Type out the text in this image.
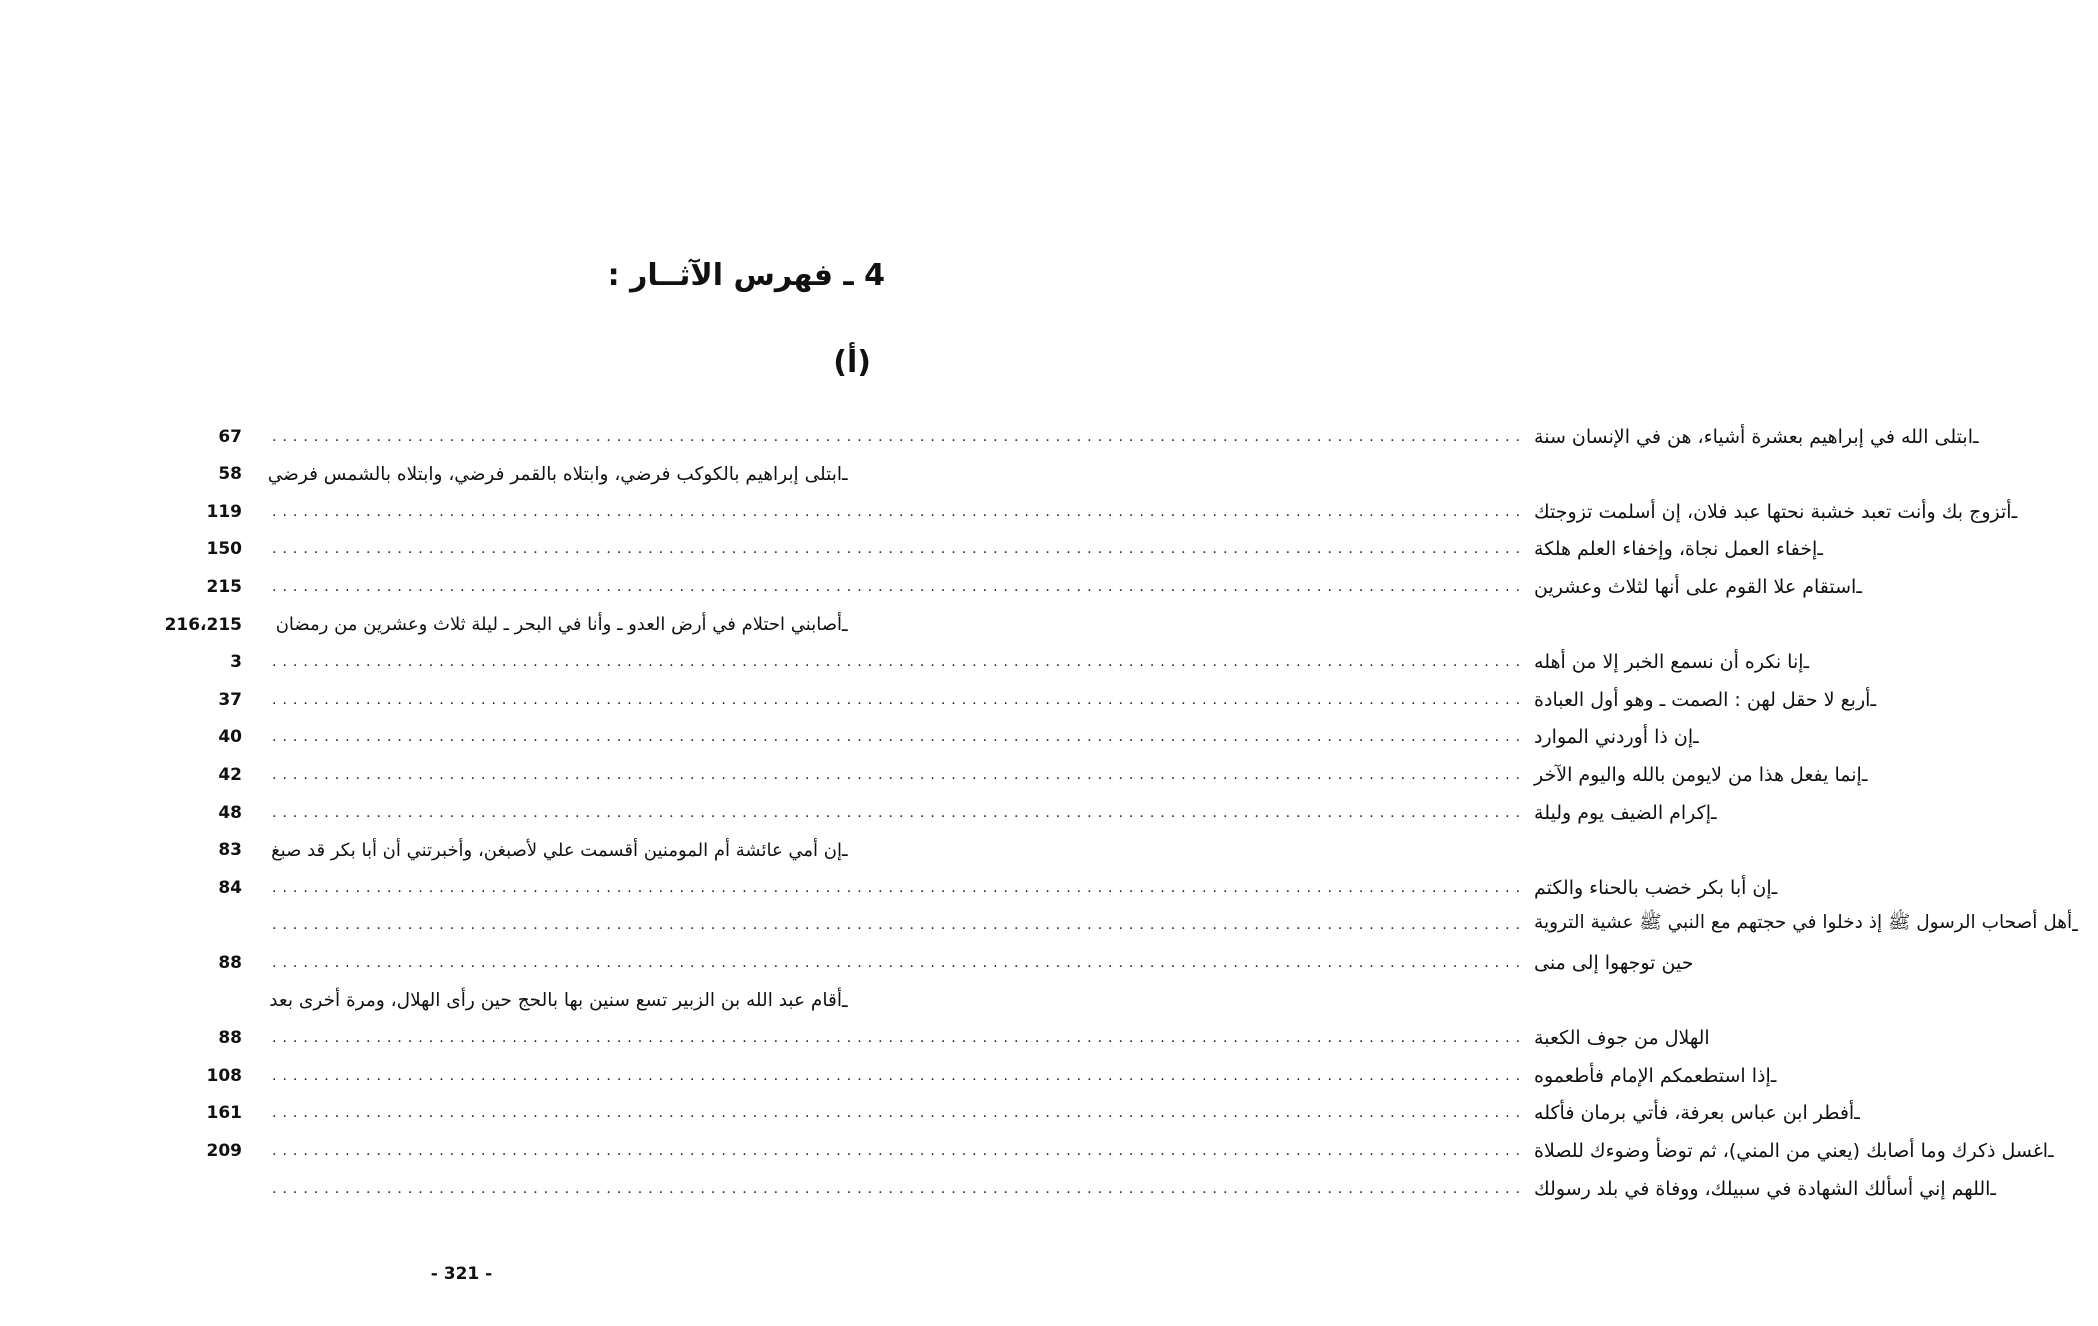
4 ـ فهرس الآثــار :
(أ)
67 ........................................................................................................................ ابتلى الله في إبراهيم بعشرة أشياء، هن في الإنسان سنة ـ
58 ابتلى إبراهيم بالكوكب فرضي، وابتلاه بالقمر فرضي، وابتلاه بالشمس فرضي ـ
119 ........................................................................................................................ أتزوج بك وأنت تعبد خشبة نحتها عبد فلان، إن أسلمت تزوجتك ـ
150 ........................................................................................................................ إخفاء العمل نجاة، وإخفاء العلم هلكة ـ
215 ........................................................................................................................ استقام علا القوم على أنها لثلاث وعشرين ـ
216،215 أصابني احتلام في أرض العدو ـ وأنا في البحر ـ ليلة ثلاث وعشرين من رمضان ـ
3 ........................................................................................................................ إنا نكره أن نسمع الخبر إلا من أهله ـ
37 ........................................................................................................................ أربع لا حقل لهن : الصمت ـ وهو أول العبادة ـ
40 ........................................................................................................................ إن ذا أوردني الموارد ـ
42 ........................................................................................................................ إنما يفعل هذا من لايومن بالله واليوم الآخر ـ
48 ........................................................................................................................ إكرام الضيف يوم وليلة ـ
83 إن أمي عائشة أم المومنين أقسمت علي لأصبغن، وأخبرتني أن أبا بكر قد صبغ ـ
84 ........................................................................................................................ إن أبا بكر خضب بالحناء والكتم ـ
........................................................................................................................ أهل أصحاب الرسول ﷺ إذ دخلوا في حجتهم مع النبي ﷺ عشية التروية ـ
88 ........................................................................................................................ حين توجهوا إلى منى
أقام عبد الله بن الزبير تسع سنين بها بالحج حين رأى الهلال، ومرة أخرى بعد ـ
88 ........................................................................................................................ الهلال من جوف الكعبة
108 ........................................................................................................................ إذا استطعمكم الإمام فأطعموه ـ
161 ........................................................................................................................ أفطر ابن عباس بعرفة، فأتي برمان فأكله ـ
209 ........................................................................................................................ اغسل ذكرك وما أصابك (يعني من المني)، ثم توضأ وضوءك للصلاة ـ
........................................................................................................................ اللهم إني أسألك الشهادة في سبيلك، ووفاة في بلد رسولك ـ
- 321 -
